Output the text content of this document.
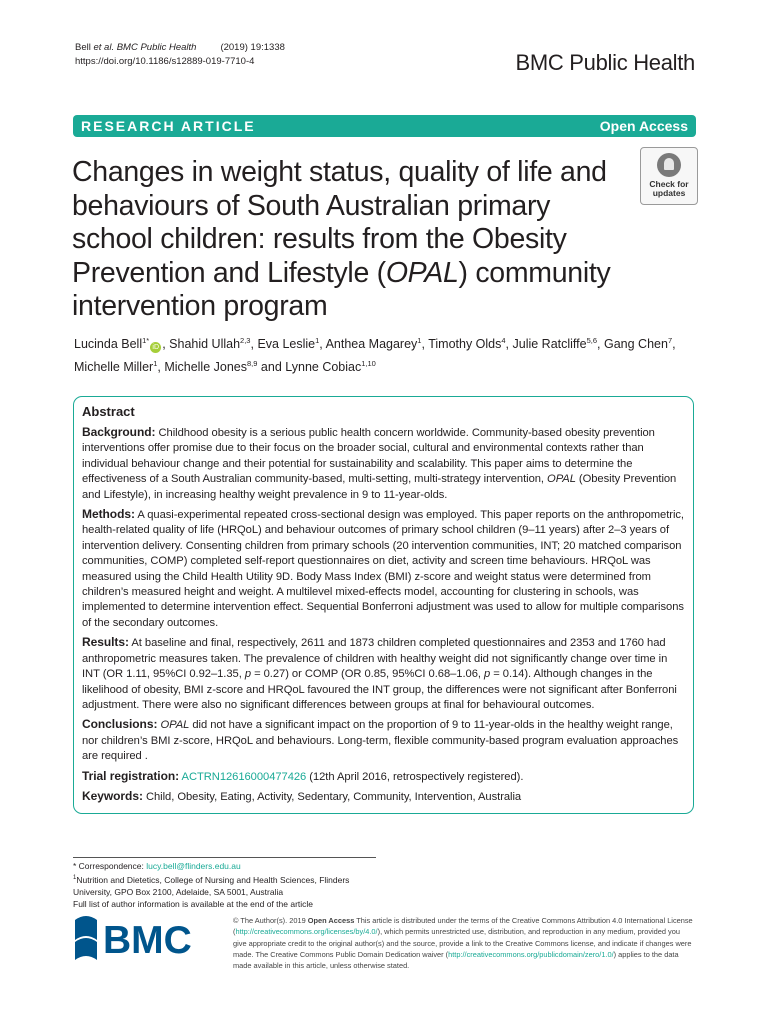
Bell et al. BMC Public Health	(2019) 19:1338
https://doi.org/10.1186/s12889-019-7710-4	BMC Public Health
RESEARCH ARTICLE	Open Access
Changes in weight status, quality of life and behaviours of South Australian primary school children: results from the Obesity Prevention and Lifestyle (OPAL) community intervention program
Check for
updates
Lucinda Bell$^{1*}$iD , Shahid Ullah$^{2,3}$, Eva Leslie$^1$, Anthea Magarey$^1$, Timothy Olds$^4$, Julie Ratcliffe$^{5,6}$, Gang Chen$^7$, Michelle Miller$^1$, Michelle Jones$^{8,9}$ and Lynne Cobiac$^{1,10}$
Abstract

Background: Childhood obesity is a serious public health concern worldwide. Community-based obesity prevention interventions offer promise due to their focus on the broader social, cultural and environmental contexts rather than individual behaviour change and their potential for sustainability and scalability. This paper aims to determine the effectiveness of a South Australian community-based, multi-setting, multi-strategy intervention, OPAL (Obesity Prevention and Lifestyle), in increasing healthy weight prevalence in 9 to 11-year-olds.

Methods: A quasi-experimental repeated cross-sectional design was employed. This paper reports on the anthropometric, health-related quality of life (HRQoL) and behaviour outcomes of primary school children (9–11 years) after 2–3 years of intervention delivery. Consenting children from primary schools (20 intervention communities, INT; 20 matched comparison communities, COMP) completed self-report questionnaires on diet, activity and screen time behaviours. HRQoL was measured using the Child Health Utility 9D. Body Mass Index (BMI) z-score and weight status were determined from children’s measured height and weight. A multilevel mixed-effects model, accounting for clustering in schools, was implemented to determine intervention effect. Sequential Bonferroni adjustment was used to allow for multiple comparisons of the secondary outcomes.

Results: At baseline and final, respectively, 2611 and 1873 children completed questionnaires and 2353 and 1760 had anthropometric measures taken. The prevalence of children with healthy weight did not significantly change over time in INT (OR 1.11, 95%CI 0.92–1.35, p = 0.27) or COMP (OR 0.85, 95%CI 0.68–1.06, p = 0.14). Although changes in the likelihood of obesity, BMI z-score and HRQoL favoured the INT group, the differences were not significant after Bonferroni adjustment. There were also no significant differences between groups at final for behavioural outcomes.

Conclusions: OPAL did not have a significant impact on the proportion of 9 to 11-year-olds in the healthy weight range, nor children’s BMI z-score, HRQoL and behaviours. Long-term, flexible community-based program evaluation approaches are required .

Trial registration: ACTRN12616000477426 (12th April 2016, retrospectively registered).

Keywords: Child, Obesity, Eating, Activity, Sedentary, Community, Intervention, Australia

* Correspondence: lucy.bell@flinders.edu.au
$^1$Nutrition and Dietetics, College of Nursing and Health Sciences, Flinders University, GPO Box 2100, Adelaide, SA 5001, Australia
Full list of author information is available at the end of the article
BMC	© The Author(s). 2019 Open Access This article is distributed under the terms of the Creative Commons Attribution 4.0 International License (http://creativecommons.org/licenses/by/4.0/), which permits unrestricted use, distribution, and reproduction in any medium, provided you give appropriate credit to the original author(s) and the source, provide a link to the Creative Commons license, and indicate if changes were made. The Creative Commons Public Domain Dedication waiver (http://creativecommons.org/publicdomain/zero/1.0/) applies to the data made available in this article, unless otherwise stated.
